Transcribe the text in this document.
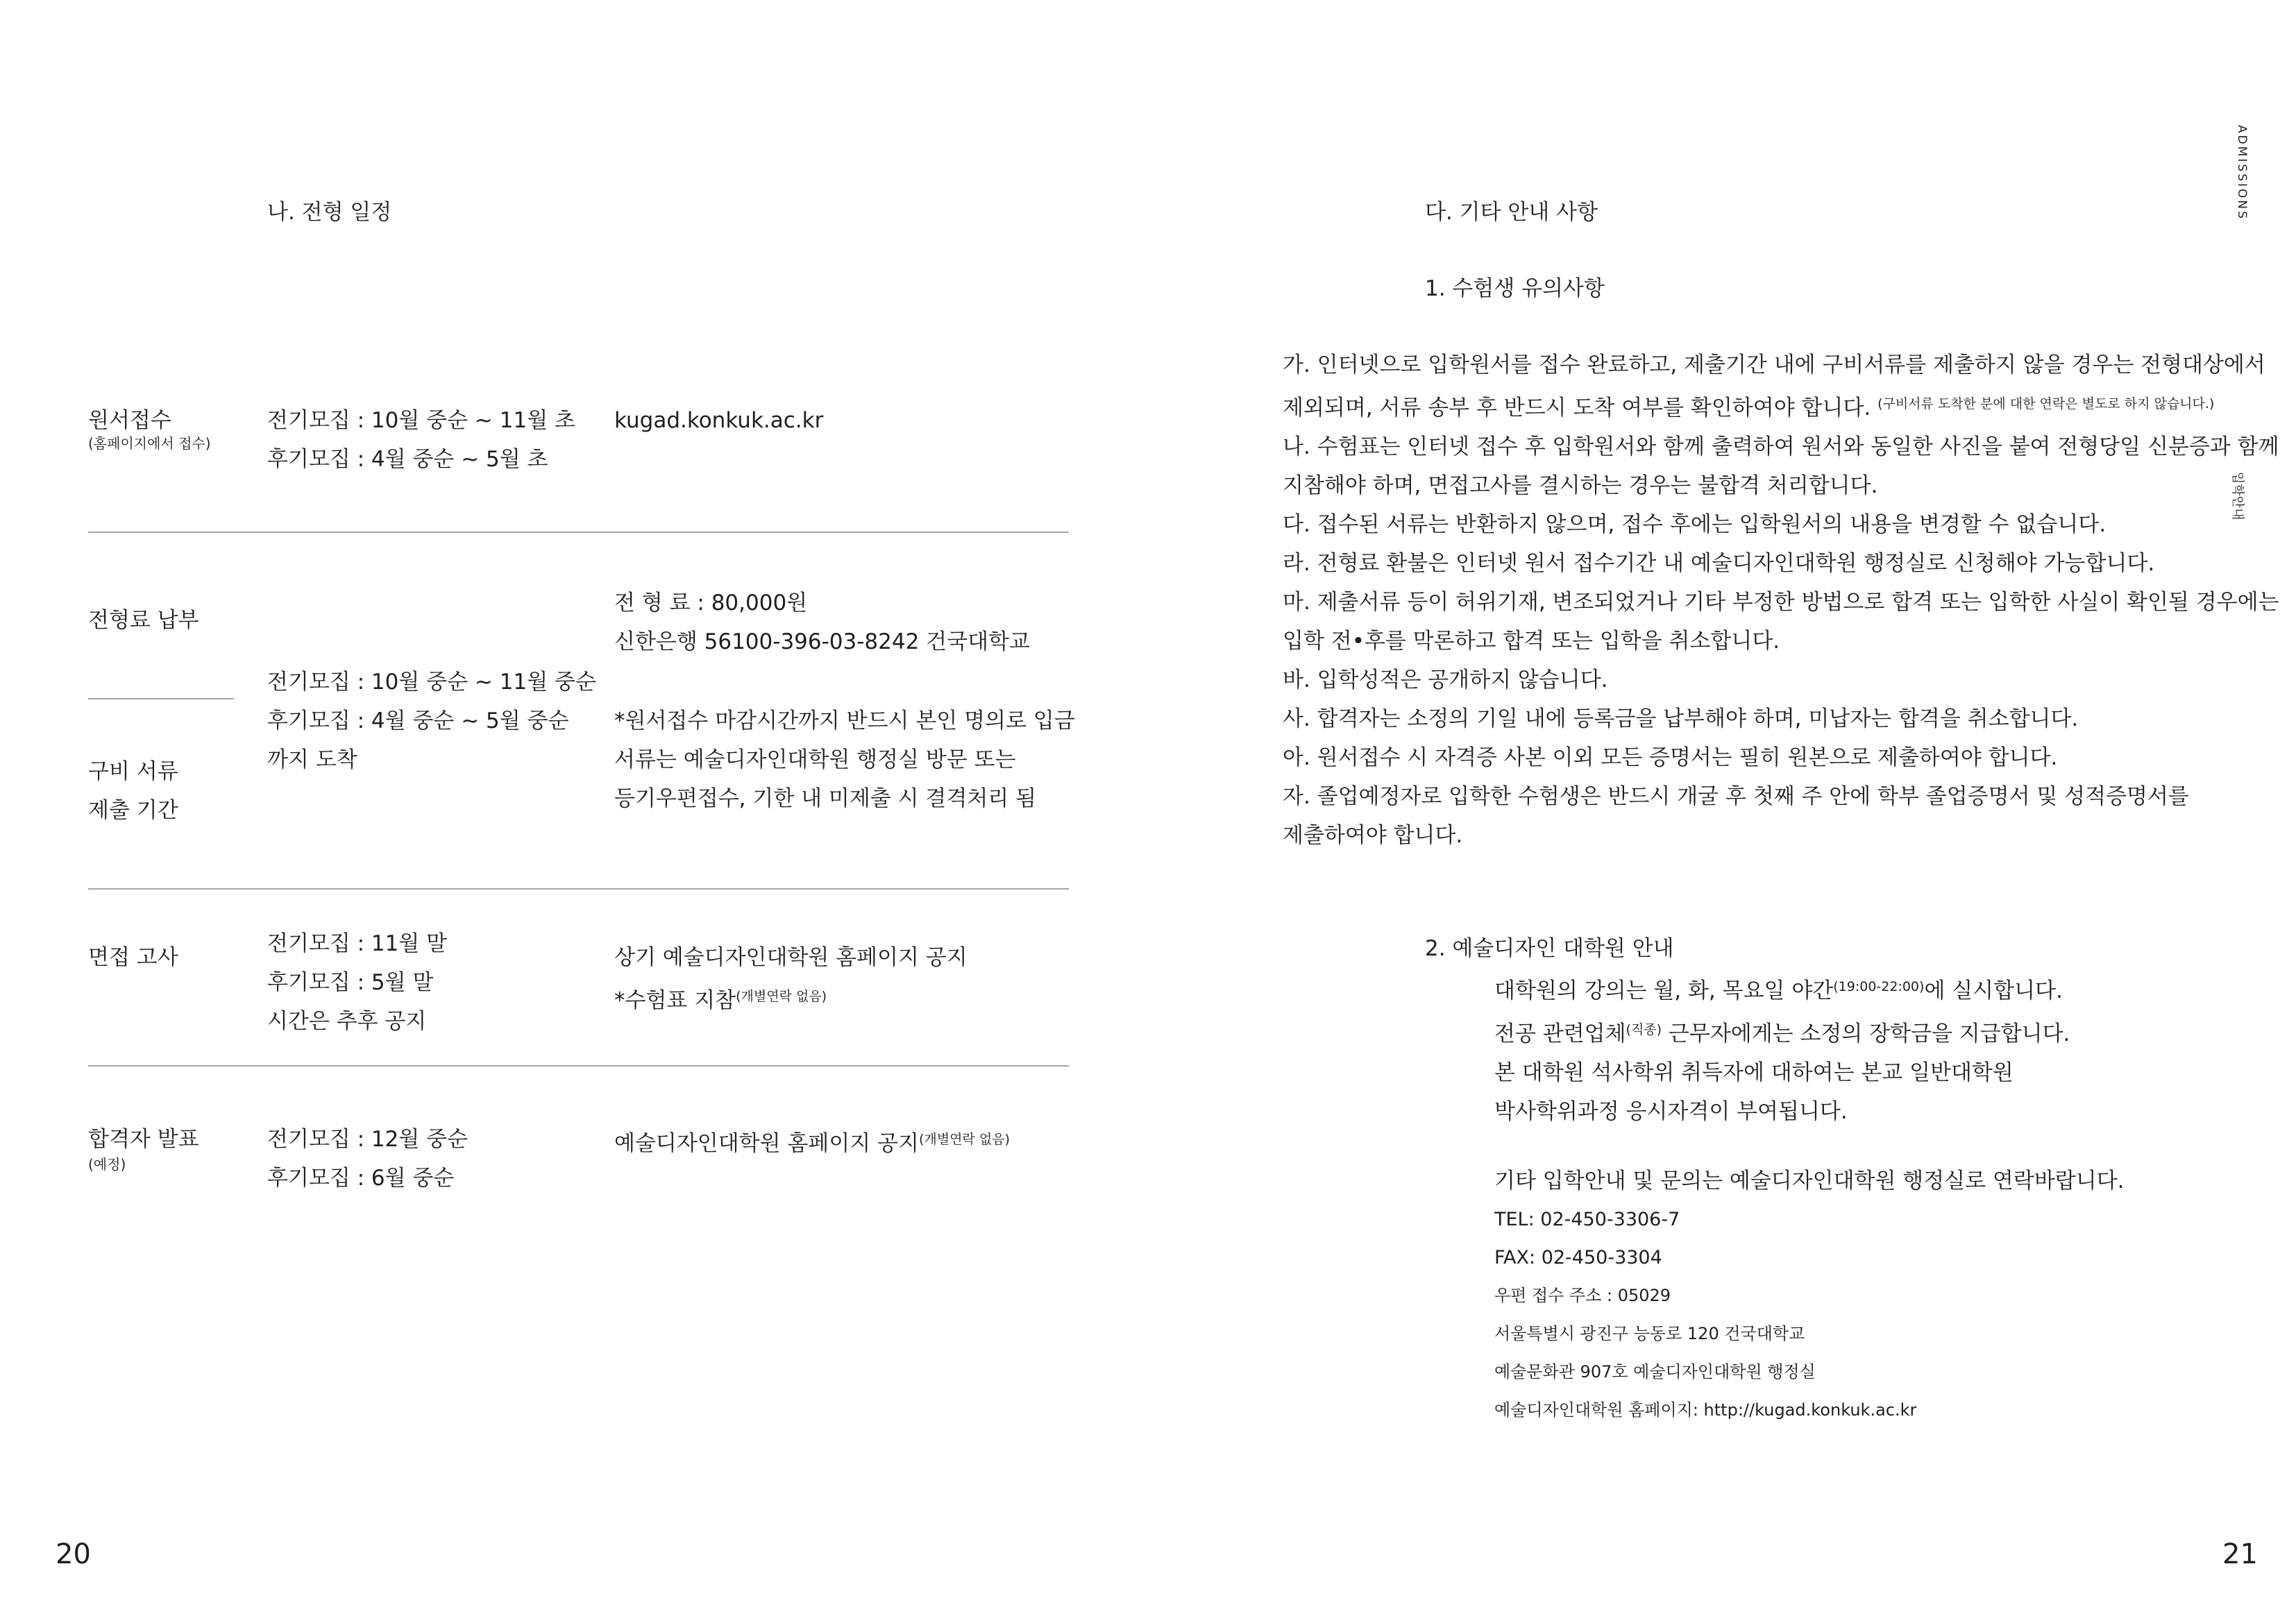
나. 전형 일정
원서접수
(홈페이지에서 접수)
전기모집 : 10월 중순 ~ 11월 초
후기모집 : 4월 중순 ~ 5월 초
kugad.konkuk.ac.kr
전형료 납부
구비 서류
제출 기간
전기모집 : 10월 중순 ~ 11월 중순
후기모집 : 4월 중순 ~ 5월 중순
까지 도착
전 형 료 : 80,000원
신한은행 56100-396-03-8242 건국대학교
*원서접수 마감시간까지 반드시 본인 명의로 입금
서류는 예술디자인대학원 행정실 방문 또는
등기우편접수, 기한 내 미제출 시 결격처리 됨
면접 고사
전기모집 : 11월 말
후기모집 : 5월 말
시간은 추후 공지
상기 예술디자인대학원 홈페이지 공지
*수험표 지참$^{(개별연락 없음)}$
합격자 발표
(예정)
전기모집 : 12월 중순
후기모집 : 6월 중순
예술디자인대학원 홈페이지 공지$^{(개별연락 없음)}$
20
다. 기타 안내 사항
1. 수험생 유의사항
가. 인터넷으로 입학원서를 접수 완료하고, 제출기간 내에 구비서류를 제출하지 않을 경우는 전형대상에서
제외되며, 서류 송부 후 반드시 도착 여부를 확인하여야 합니다. $^{(구비서류 도착한 분에 대한 연락은 별도로 하지 않습니다.)}$
나. 수험표는 인터넷 접수 후 입학원서와 함께 출력하여 원서와 동일한 사진을 붙여 전형당일 신분증과 함께
지참해야 하며, 면접고사를 결시하는 경우는 불합격 처리합니다.
다. 접수된 서류는 반환하지 않으며, 접수 후에는 입학원서의 내용을 변경할 수 없습니다.
라. 전형료 환불은 인터넷 원서 접수기간 내 예술디자인대학원 행정실로 신청해야 가능합니다.
마. 제출서류 등이 허위기재, 변조되었거나 기타 부정한 방법으로 합격 또는 입학한 사실이 확인될 경우에는
입학 전•후를 막론하고 합격 또는 입학을 취소합니다.
바. 입학성적은 공개하지 않습니다.
사. 합격자는 소정의 기일 내에 등록금을 납부해야 하며, 미납자는 합격을 취소합니다.
아. 원서접수 시 자격증 사본 이외 모든 증명서는 필히 원본으로 제출하여야 합니다.
자. 졸업예정자로 입학한 수험생은 반드시 개굴 후 첫째 주 안에 학부 졸업증명서 및 성적증명서를
제출하여야 합니다.
2. 예술디자인 대학원 안내
대학원의 강의는 월, 화, 목요일 야간$^{(19:00-22:00)}$에 실시합니다.
전공 관련업체$^{(직종)}$ 근무자에게는 소정의 장학금을 지급합니다.
본 대학원 석사학위 취득자에 대하여는 본교 일반대학원
박사학위과정 응시자격이 부여됩니다.
기타 입학안내 및 문의는 예술디자인대학원 행정실로 연락바랍니다.
TEL: 02-450-3306-7
FAX: 02-450-3304
우편 접수 주소 : 05029
서울특별시 광진구 능동로 120 건국대학교
예술문화관 907호 예술디자인대학원 행정실
예술디자인대학원 홈페이지: http://kugad.konkuk.ac.kr
21
ADMISSIONS
입학안내
